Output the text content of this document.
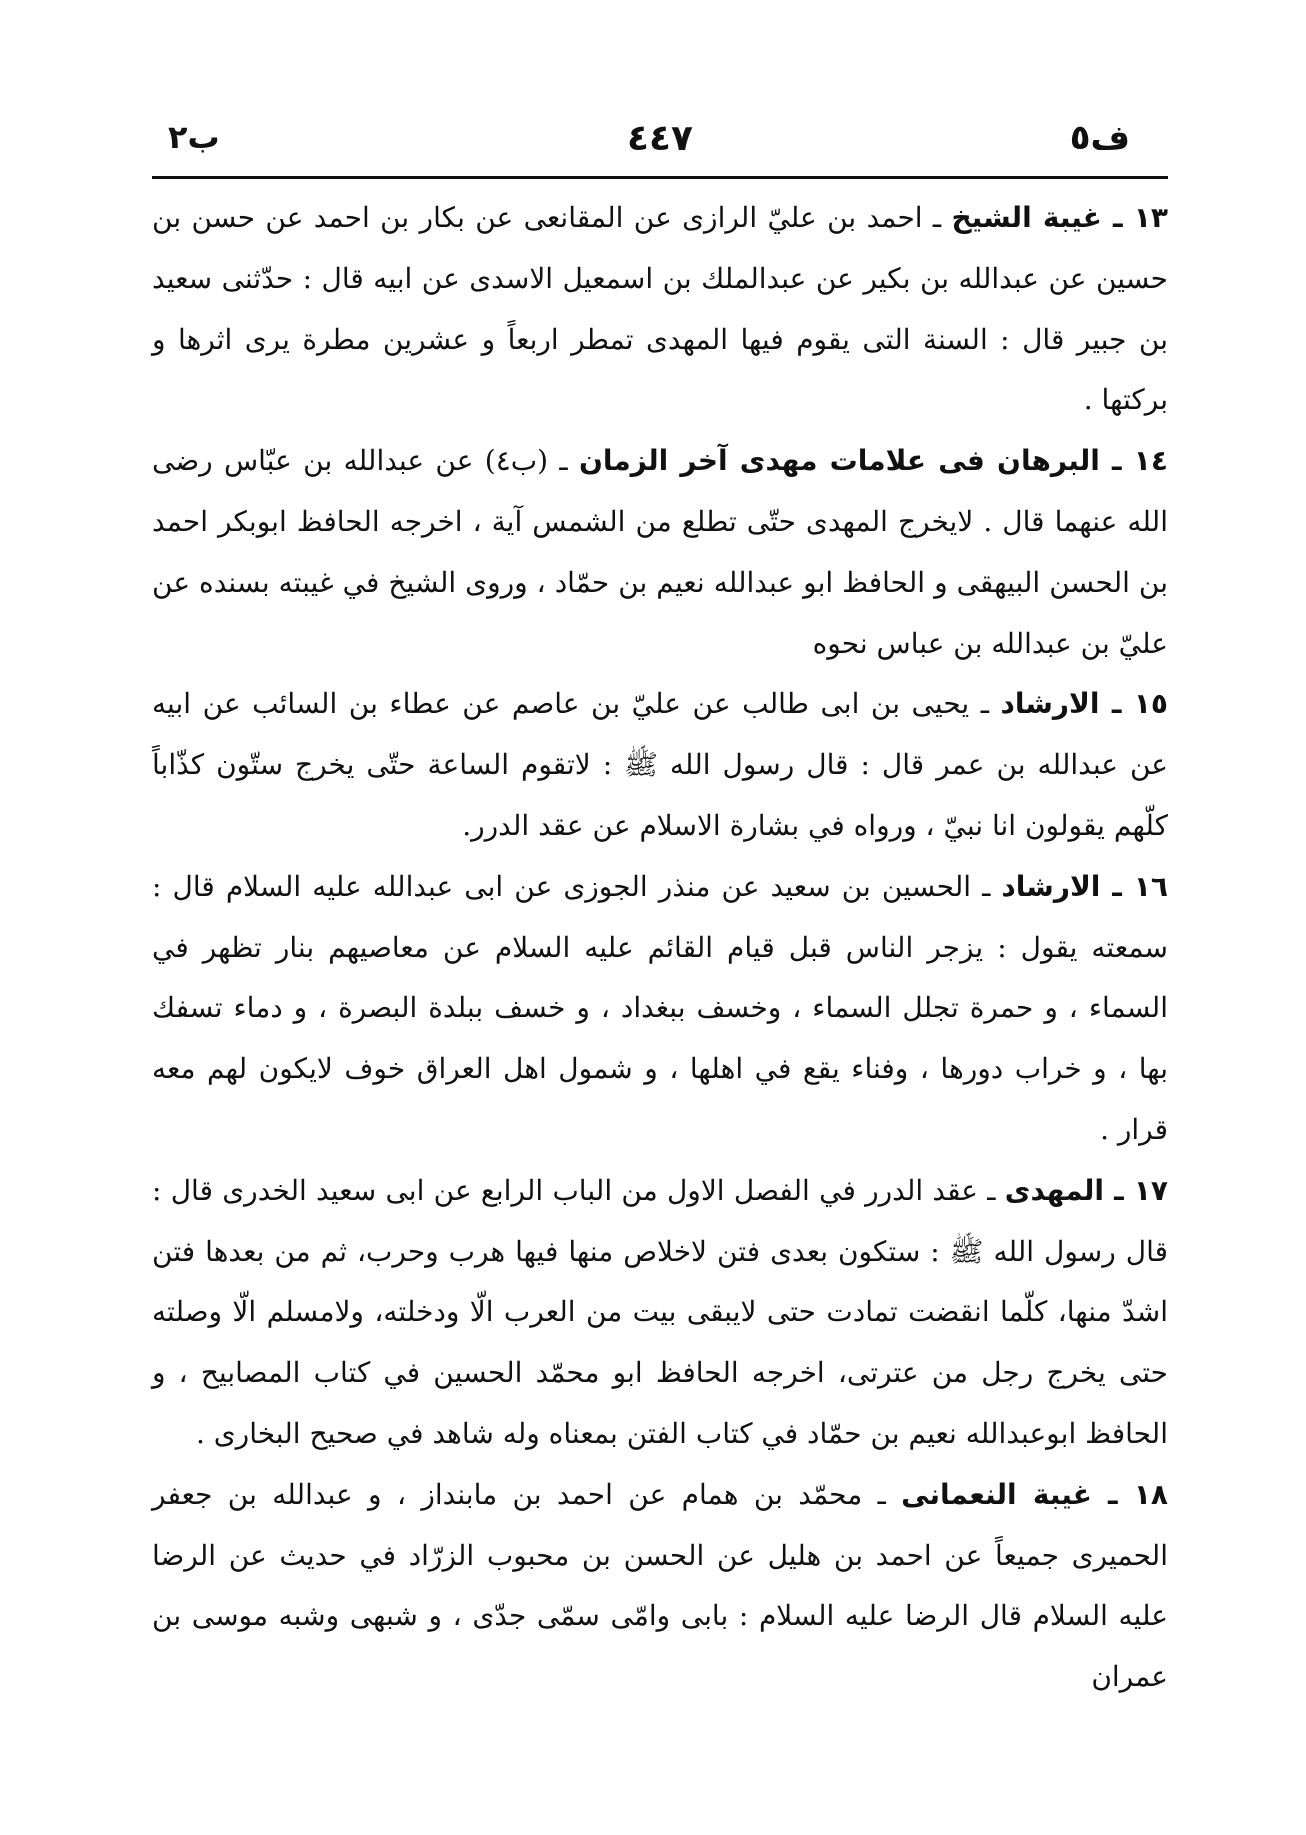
ف٥
٤٤٧
ب٢

١٣ ـ غيبة الشيخ ـ احمد بن عليّ الرازى عن المقانعى عن بكار بن احمد عن حسن بن حسين عن عبدالله بن بكير عن عبدالملك بن اسمعيل الاسدى عن ابيه قال : حدّثنى سعيد بن جبير قال : السنة التى يقوم فيها المهدى تمطر اربعاً و عشرين مطرة يرى اثرها و بركتها .

١٤ ـ البرهان فى علامات مهدى آخر الزمان ـ (ب٤) عن عبدالله بن عبّاس رضى الله عنهما قال . لايخرج المهدى حتّى تطلع من الشمس آية ، اخرجه الحافظ ابوبكر احمد بن الحسن البيهقى و الحافظ ابو عبدالله نعيم بن حمّاد ، وروى الشيخ في غيبته بسنده عن عليّ بن عبدالله بن عباس نحوه

١٥ ـ الارشاد ـ يحيى بن ابى طالب عن عليّ بن عاصم عن عطاء بن السائب عن ابيه عن عبدالله بن عمر قال : قال رسول الله ﷺ : لاتقوم الساعة حتّى يخرج ستّون كذّاباً كلّهم يقولون انا نبيّ ، ورواه في بشارة الاسلام عن عقد الدرر.

١٦ ـ الارشاد ـ الحسين بن سعيد عن منذر الجوزى عن ابى عبدالله عليه السلام قال : سمعته يقول : يزجر الناس قبل قيام القائم عليه السلام عن معاصيهم بنار تظهر في السماء ، و حمرة تجلل السماء ، وخسف ببغداد ، و خسف ببلدة البصرة ، و دماء تسفك بها ، و خراب دورها ، وفناء يقع في اهلها ، و شمول اهل العراق خوف لايكون لهم معه قرار .

١٧ ـ المهدى ـ عقد الدرر في الفصل الاول من الباب الرابع عن ابى سعيد الخدرى قال : قال رسول الله ﷺ : ستكون بعدى فتن لاخلاص منها فيها هرب وحرب، ثم من بعدها فتن اشدّ منها، كلّما انقضت تمادت حتى لايبقى بيت من العرب الّا ودخلته، ولامسلم الّا وصلته حتى يخرج رجل من عترتى، اخرجه الحافظ ابو محمّد الحسين في كتاب المصابيح ، و الحافظ ابوعبدالله نعيم بن حمّاد في كتاب الفتن بمعناه وله شاهد في صحيح البخارى .

١٨ ـ غيبة النعمانى ـ محمّد بن همام عن احمد بن مابنداز ، و عبدالله بن جعفر الحميرى جميعاً عن احمد بن هليل عن الحسن بن محبوب الزرّاد في حديث عن الرضا عليه السلام قال الرضا عليه السلام : بابى وامّى سمّى جدّى ، و شبهى وشبه موسى بن عمران
